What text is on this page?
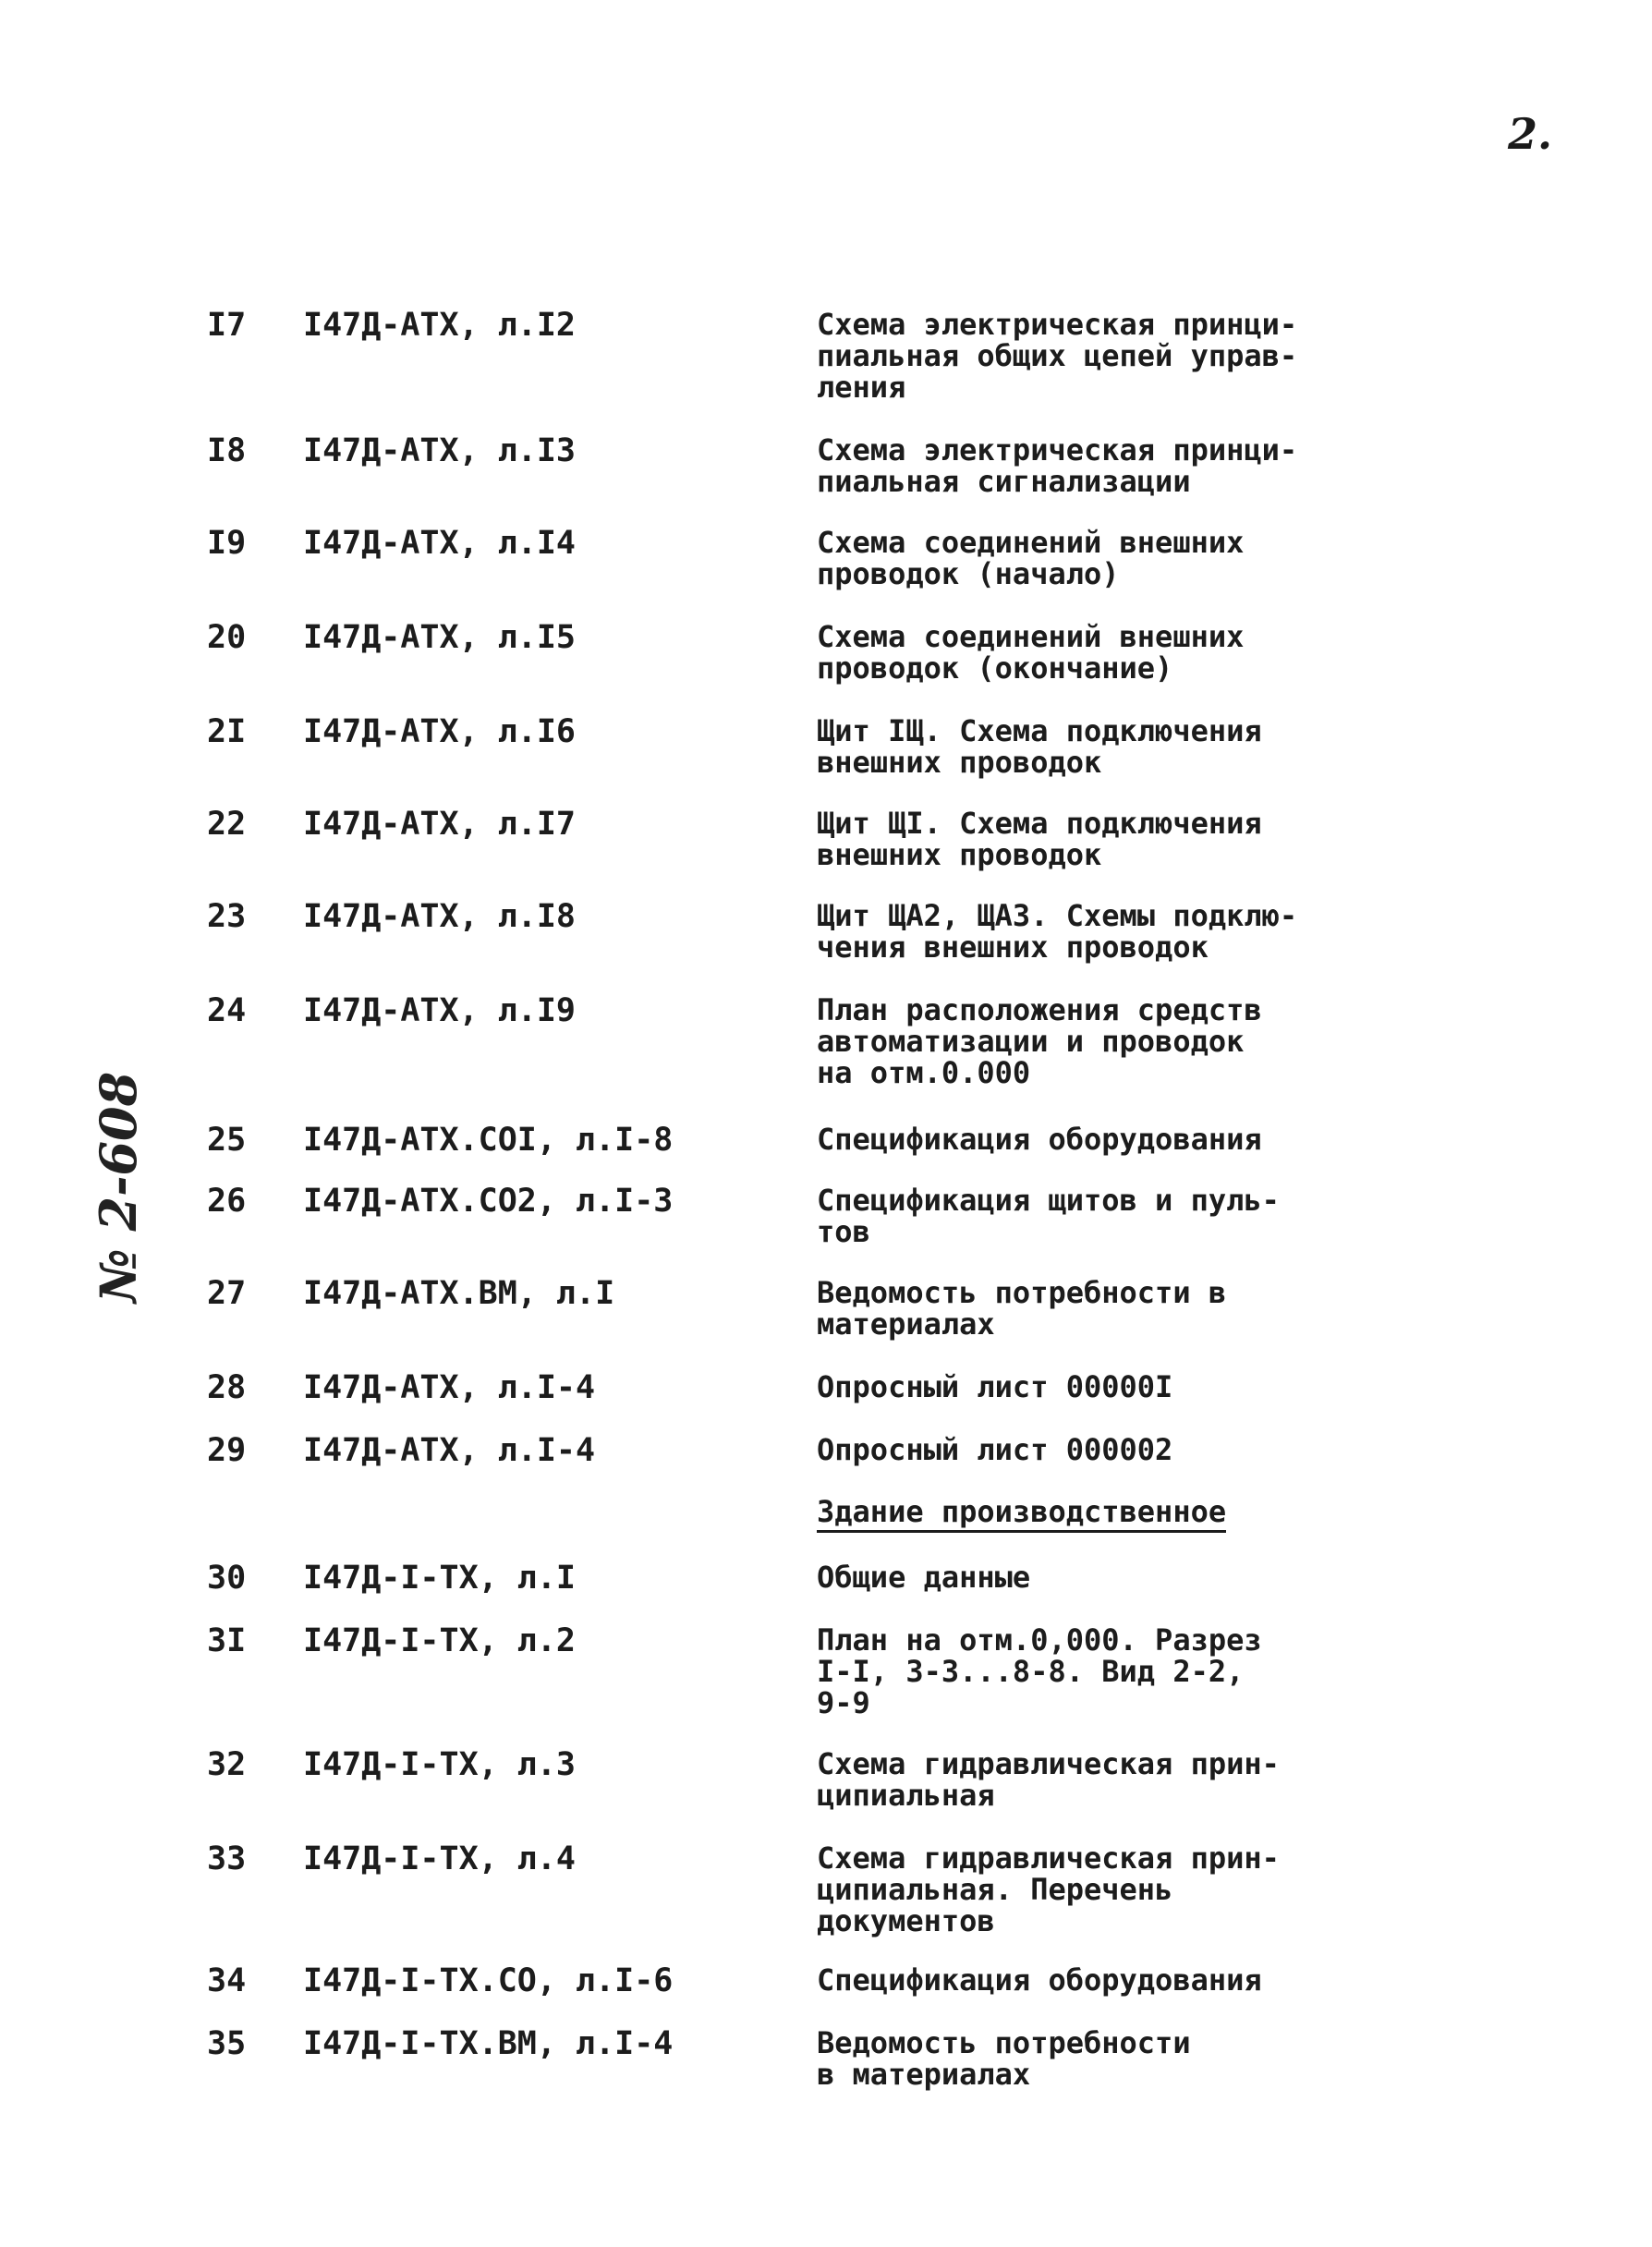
2.
№ 2-608
I7	I47Д-АТХ, л.I2	Схема электрическая принци-
пиальная общих цепей управ-
ления
I8	I47Д-АТХ, л.I3	Схема электрическая принци-
пиальная сигнализации
I9	I47Д-АТХ, л.I4	Схема соединений внешних
проводок (начало)
20	I47Д-АТХ, л.I5	Схема соединений внешних
проводок (окончание)
2I	I47Д-АТХ, л.I6	Щит IЩ. Схема подключения
внешних проводок
22	I47Д-АТХ, л.I7	Щит ЩI. Схема подключения
внешних проводок
23	I47Д-АТХ, л.I8	Щит ЩА2, ЩА3. Схемы подклю-
чения внешних проводок
24	I47Д-АТХ, л.I9	План расположения средств
автоматизации и проводок
на отм.0.000
25	I47Д-АТХ.СОI, л.I-8	Спецификация оборудования
26	I47Д-АТХ.СО2, л.I-3	Спецификация щитов и пуль-
тов
27	I47Д-АТХ.ВМ, л.I	Ведомость потребности в
материалах
28	I47Д-АТХ, л.I-4	Опросный лист 00000I
29	I47Д-АТХ, л.I-4	Опросный лист 000002
Здание производственное
30	I47Д-I-ТХ, л.I	Общие данные
3I	I47Д-I-ТХ, л.2	План на отм.0,000. Разрез
I-I, 3-3...8-8. Вид 2-2,
9-9
32	I47Д-I-ТХ, л.3	Схема гидравлическая прин-
ципиальная
33	I47Д-I-ТХ, л.4	Схема гидравлическая прин-
ципиальная. Перечень
документов
34	I47Д-I-ТХ.СО, л.I-6	Спецификация оборудования
35	I47Д-I-ТХ.ВМ, л.I-4	Ведомость потребности
в материалах
